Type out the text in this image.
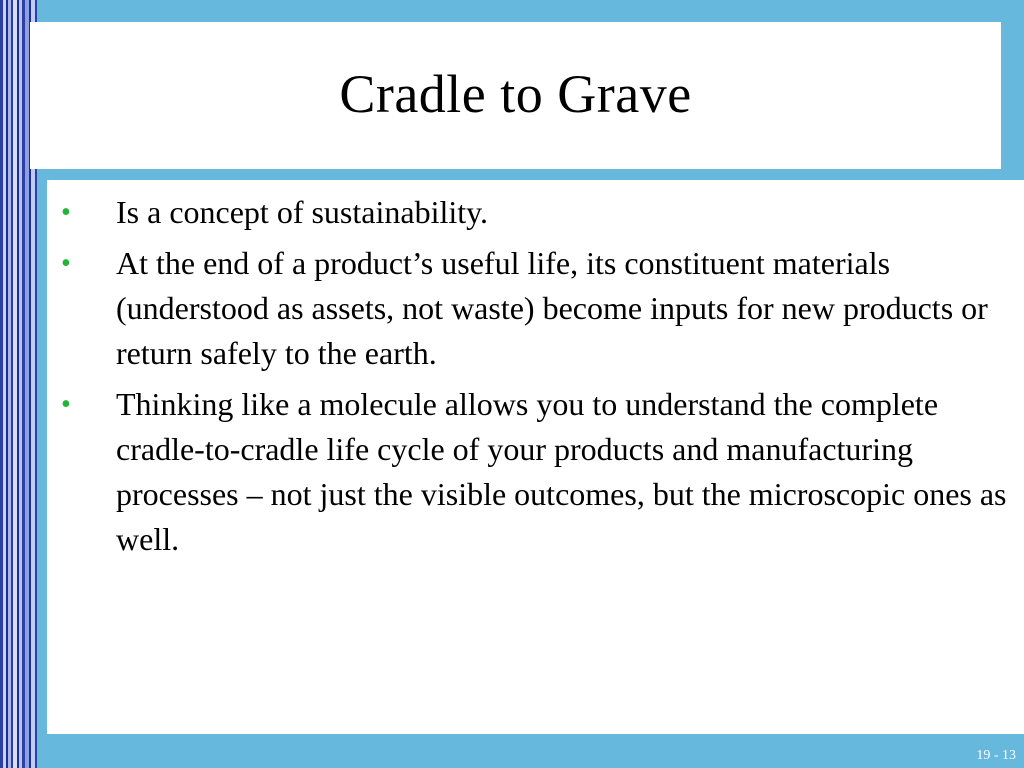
Cradle to Grave
• Is a concept of sustainability.
• At the end of a product’s useful life, its constituent materials (understood as assets, not waste) become inputs for new products or return safely to the earth.
• Thinking like a molecule allows you to understand the complete cradle-to-cradle life cycle of your products and manufacturing processes – not just the visible outcomes, but the microscopic ones as well.
19 - 13
